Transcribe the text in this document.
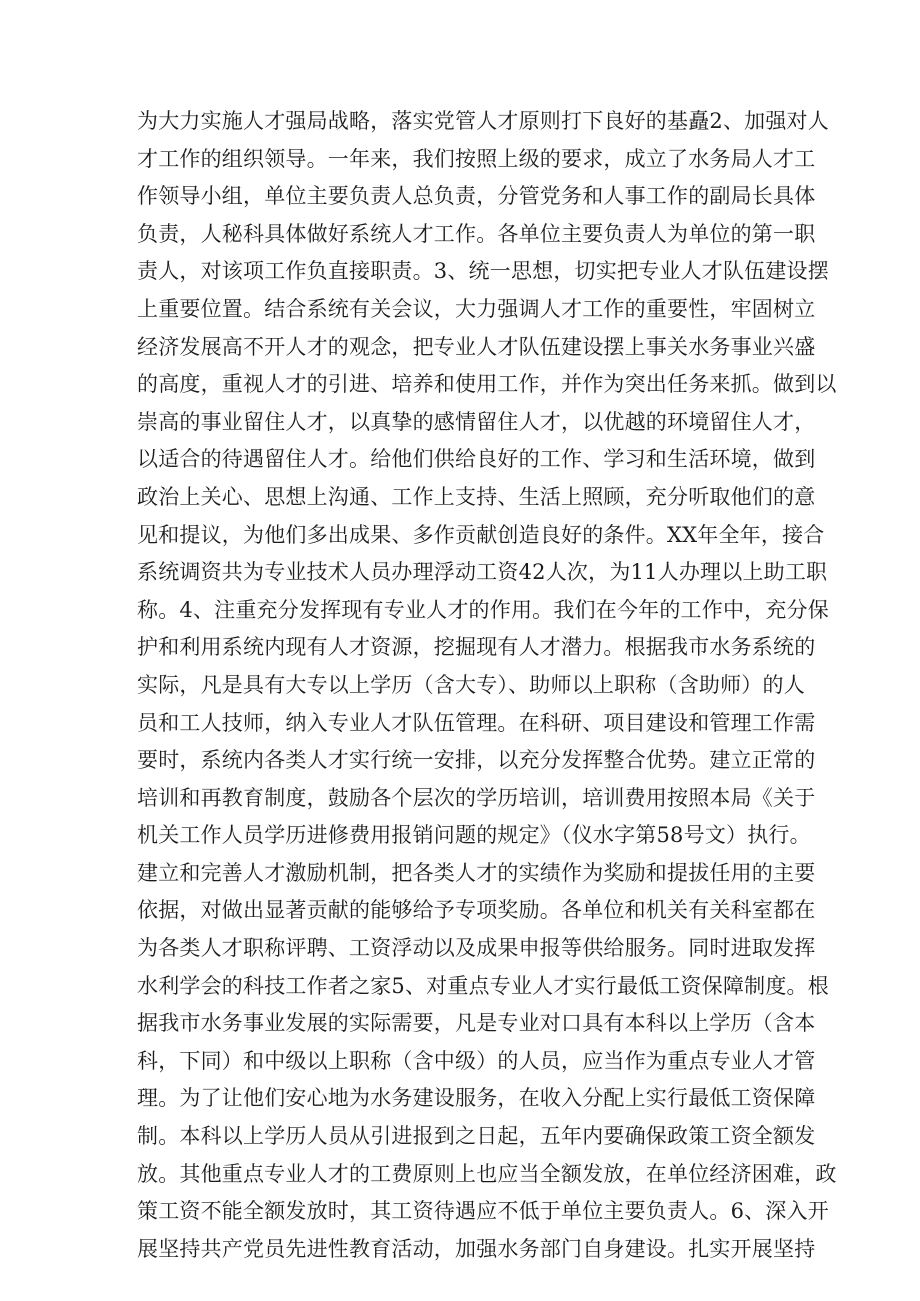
为大力实施人才强局战略，落实党管人才原则打下良好的基矗2、加强对人
才工作的组织领导。一年来，我们按照上级的要求，成立了水务局人才工
作领导小组，单位主要负责人总负责，分管党务和人事工作的副局长具体
负责，人秘科具体做好系统人才工作。各单位主要负责人为单位的第一职
责人，对该项工作负直接职责。3、统一思想，切实把专业人才队伍建设摆
上重要位置。结合系统有关会议，大力强调人才工作的重要性，牢固树立
经济发展高不开人才的观念，把专业人才队伍建设摆上事关水务事业兴盛
的高度，重视人才的引进、培养和使用工作，并作为突出任务来抓。做到以
崇高的事业留住人才，以真挚的感情留住人才，以优越的环境留住人才，
以适合的待遇留住人才。给他们供给良好的工作、学习和生活环境，做到
政治上关心、思想上沟通、工作上支持、生活上照顾，充分听取他们的意
见和提议，为他们多出成果、多作贡献创造良好的条件。XX年全年，接合
系统调资共为专业技术人员办理浮动工资42人次，为11人办理以上助工职
称。4、注重充分发挥现有专业人才的作用。我们在今年的工作中，充分保
护和利用系统内现有人才资源，挖掘现有人才潜力。根据我市水务系统的
实际，凡是具有大专以上学历（含大专）、助师以上职称（含助师）的人
员和工人技师，纳入专业人才队伍管理。在科研、项目建设和管理工作需
要时，系统内各类人才实行统一安排，以充分发挥整合优势。建立正常的
培训和再教育制度，鼓励各个层次的学历培训，培训费用按照本局《关于
机关工作人员学历进修费用报销问题的规定》（仪水字第58号文）执行。
建立和完善人才激励机制，把各类人才的实绩作为奖励和提拔任用的主要
依据，对做出显著贡献的能够给予专项奖励。各单位和机关有关科室都在
为各类人才职称评聘、工资浮动以及成果申报等供给服务。同时进取发挥
水利学会的科技工作者之家5、对重点专业人才实行最低工资保障制度。根
据我市水务事业发展的实际需要，凡是专业对口具有本科以上学历（含本
科，下同）和中级以上职称（含中级）的人员，应当作为重点专业人才管
理。为了让他们安心地为水务建设服务，在收入分配上实行最低工资保障
制。本科以上学历人员从引进报到之日起，五年内要确保政策工资全额发
放。其他重点专业人才的工费原则上也应当全额发放，在单位经济困难，政
策工资不能全额发放时，其工资待遇应不低于单位主要负责人。6、深入开
展坚持共产党员先进性教育活动，加强水务部门自身建设。扎实开展坚持
